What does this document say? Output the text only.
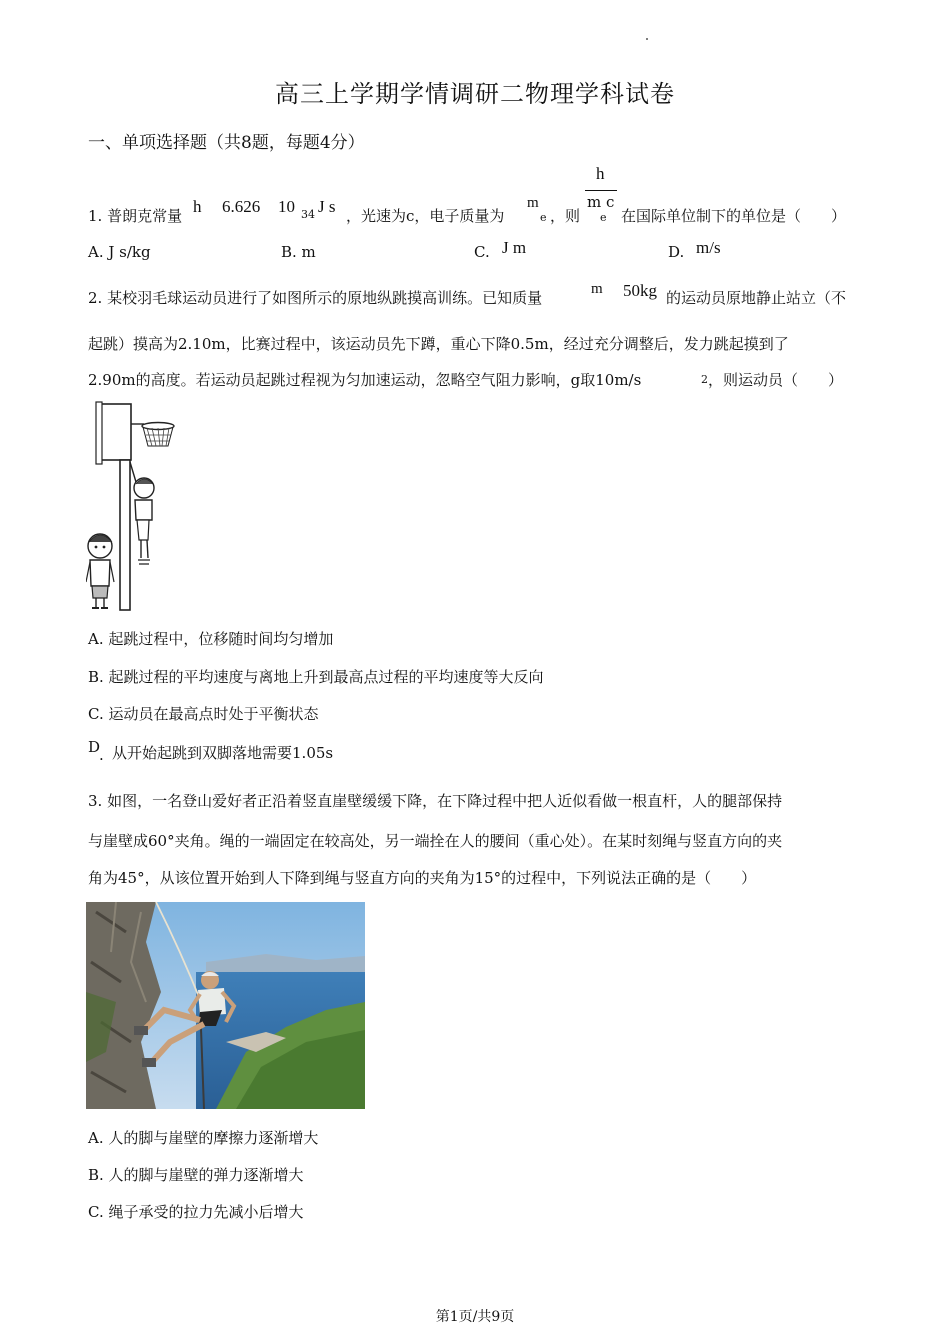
高三上学期学情调研二物理学科试卷
一、单项选择题（共8题，每题4分）
1. 普朗克常量 h 6.626 10 34 J s ，光速为c，电子质量为
m
e ，则
h
m c
e 在国际单位制下的单位是（　　）
A. J s/kg	B. m	C. J m	D. m/s
2. 某校羽毛球运动员进行了如图所示的原地纵跳摸高训练。已知质量	m 50kg 的运动员原地静止站立（不
起跳）摸高为2.10m，比赛过程中，该运动员先下蹲，重心下降0.5m，经过充分调整后，发力跳起摸到了
2.90m的高度。若运动员起跳过程视为匀加速运动，忽略空气阻力影响，g取10m/s	2 ，则运动员（　　）
A. 起跳过程中，位移随时间均匀增加
B. 起跳过程的平均速度与离地上升到最高点过程的平均速度等大反向
C. 运动员在最高点时处于平衡状态
D
. 从开始起跳到双脚落地需要1.05s
3. 如图，一名登山爱好者正沿着竖直崖壁缓缓下降，在下降过程中把人近似看做一根直杆，人的腿部保持
与崖壁成60°夹角。绳的一端固定在较高处，另一端拴在人的腰间（重心处）。在某时刻绳与竖直方向的夹
角为45°，从该位置开始到人下降到绳与竖直方向的夹角为15°的过程中，下列说法正确的是（　　）
A. 人的脚与崖壁的摩擦力逐渐增大
B. 人的脚与崖壁的弹力逐渐增大
C. 绳子承受的拉力先减小后增大
第1页/共9页
